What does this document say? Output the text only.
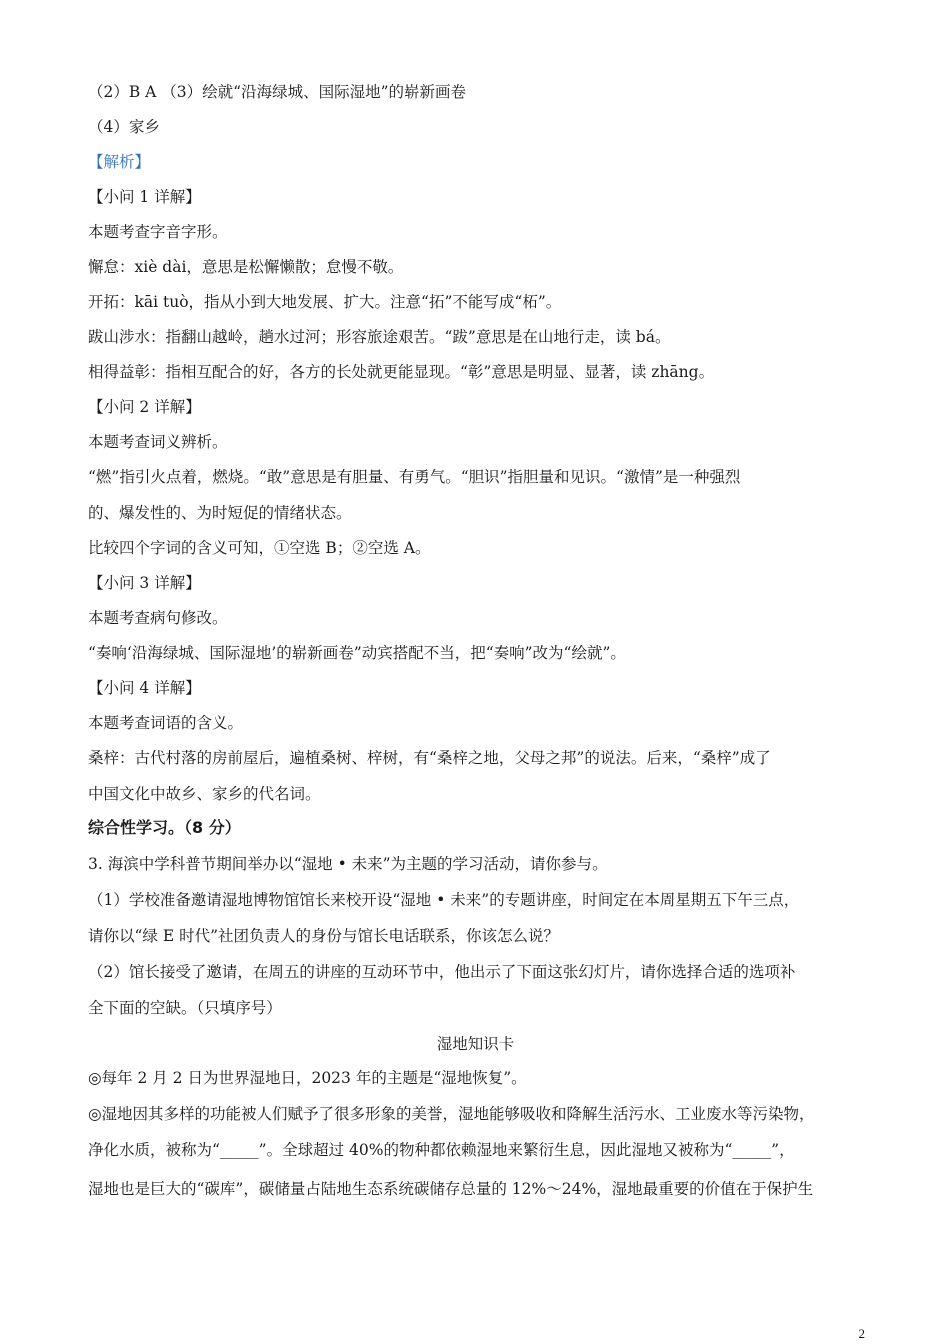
（2）B A （3）绘就“沿海绿城、国际湿地”的崭新画卷
（4）家乡
【解析】
【小问 1 详解】
本题考查字音字形。
懈怠：xiè dài，意思是松懈懒散；怠慢不敬。
开拓：kāi tuò，指从小到大地发展、扩大。注意“拓”不能写成“柘”。
跋山涉水：指翻山越岭，趟水过河；形容旅途艰苦。“跋”意思是在山地行走，读 bá。
相得益彰：指相互配合的好，各方的长处就更能显现。“彰”意思是明显、显著，读 zhāng。
【小问 2 详解】
本题考查词义辨析。
“燃”指引火点着，燃烧。“敢”意思是有胆量、有勇气。“胆识”指胆量和见识。“激情”是一种强烈
的、爆发性的、为时短促的情绪状态。
比较四个字词的含义可知，①空选 B；②空选 A。
【小问 3 详解】
本题考查病句修改。
“奏响‘沿海绿城、国际湿地’的崭新画卷”动宾搭配不当，把“奏响”改为“绘就”。
【小问 4 详解】
本题考查词语的含义。
桑梓：古代村落的房前屋后，遍植桑树、梓树，有“桑梓之地，父母之邦”的说法。后来，“桑梓”成了
中国文化中故乡、家乡的代名词。
综合性学习。（8 分）
3. 海滨中学科普节期间举办以“湿地 • 未来”为主题的学习活动，请你参与。
（1）学校准备邀请湿地博物馆馆长来校开设“湿地 • 未来”的专题讲座，时间定在本周星期五下午三点，
请你以“绿 E 时代”社团负责人的身份与馆长电话联系，你该怎么说？
（2）馆长接受了邀请，在周五的讲座的互动环节中，他出示了下面这张幻灯片，请你选择合适的选项补
全下面的空缺。（只填序号）
湿地知识卡
◎每年 2 月 2 日为世界湿地日，2023 年的主题是“湿地恢复”。
◎湿地因其多样的功能被人们赋予了很多形象的美誉，湿地能够吸收和降解生活污水、工业废水等污染物，
净化水质，被称为“_____”。全球超过 40%的物种都依赖湿地来繁衍生息，因此湿地又被称为“_____”，
湿地也是巨大的“碳库”，碳储量占陆地生态系统碳储存总量的 12%～24%，湿地最重要的价值在于保护生
2
